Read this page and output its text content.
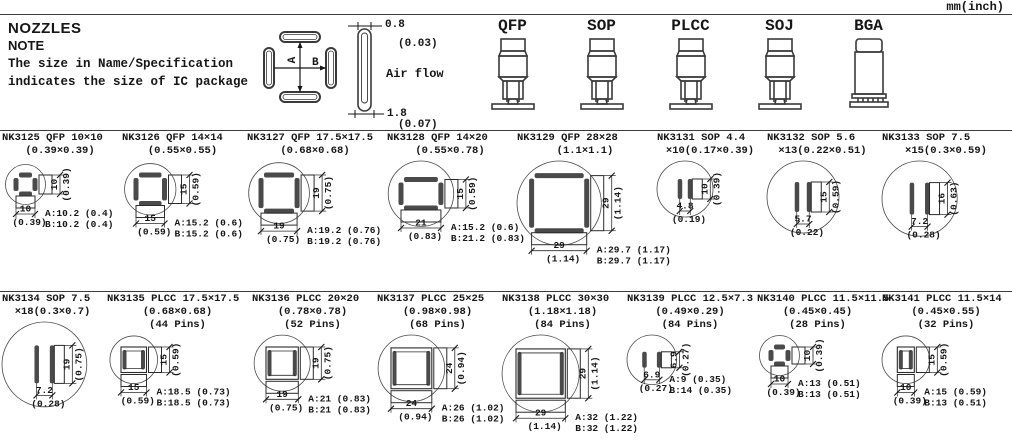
mm(inch)
NOZZLES
NOTE
The size in Name/Specification
indicates the size of IC package
A B
0.8
(0.03)
Air flow
1.8
(0.07)
QFP	SOP	PLCC	SOJ	BGA
NK3125 QFP 10×10
(0.39×0.39)
10 (0.39)
10
(0.39)
A:10.2 (0.4)
B:10.2 (0.4)
NK3126 QFP 14×14
(0.55×0.55)
15 (0.59)
15
(0.59)
A:15.2 (0.6)
B:15.2 (0.6)
NK3127 QFP 17.5×17.5
(0.68×0.68)
19 (0.75)
19
(0.75)
A:19.2 (0.76)
B:19.2 (0.76)
NK3128 QFP 14×20
(0.55×0.78)
15 (0.59)
21
(0.83)
A:15.2 (0.6)
B:21.2 (0.83)
NK3129 QFP 28×28
(1.1×1.1)
29 (1.14)
29
(1.14)
A:29.7 (1.17)
B:29.7 (1.17)
NK3131 SOP 4.4
×10(0.17×0.39)
10 (0.39)
4.8
(0.19)
NK3132 SOP 5.6
×13(0.22×0.51)
15 (0.59)
5.7
(0.22)
NK3133 SOP 7.5
×15(0.3×0.59)
16 (0.63)
7.2
(0.28)
NK3134 SOP 7.5
×18(0.3×0.7)
19 (0.75)
7.2
(0.28)
NK3135 PLCC 17.5×17.5
(0.68×0.68)
(44 Pins)
15 (0.59)
15
(0.59)
A:18.5 (0.73)
B:18.5 (0.73)
NK3136 PLCC 20×20
(0.78×0.78)
(52 Pins)
19 (0.75)
19
(0.75)
A:21 (0.83)
B:21 (0.83)
NK3137 PLCC 25×25
(0.98×0.98)
(68 Pins)
24 (0.94)
24
(0.94)
A:26 (1.02)
B:26 (1.02)
NK3138 PLCC 30×30
(1.18×1.18)
(84 Pins)
29 (1.14)
29
(1.14)
A:32 (1.22)
B:32 (1.22)
NK3139 PLCC 12.5×7.3
(0.49×0.29)
(84 Pins)
6.9 (0.27)
6.9
(0.27)
A:9 (0.35)
B:14 (0.35)
NK3140 PLCC 11.5×11.5
(0.45×0.45)
(28 Pins)
10 (0.39)
10
(0.39)
A:13 (0.51)
B:13 (0.51)
NK3141 PLCC 11.5×14
(0.45×0.55)
(32 Pins)
15 (0.59)
10
(0.39)
A:15 (0.59)
B:13 (0.51)
